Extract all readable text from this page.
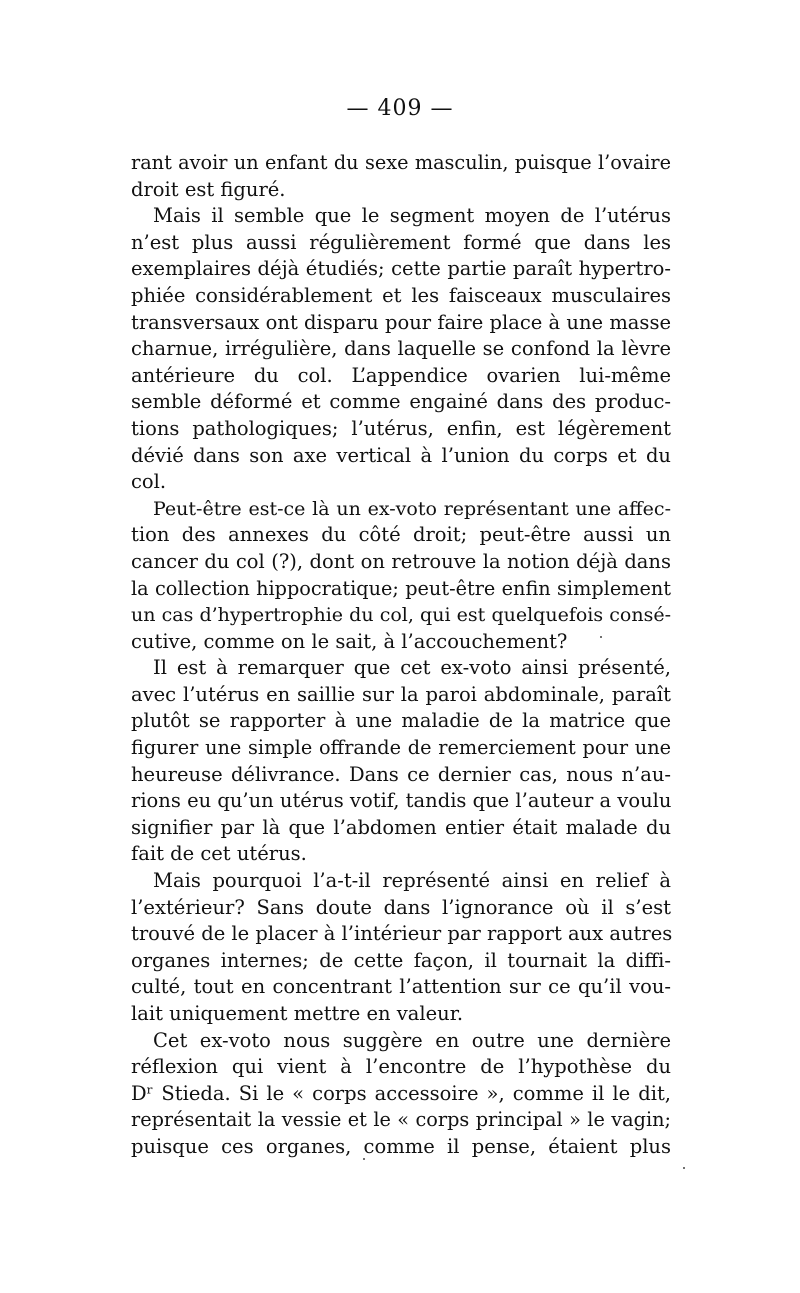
— 409 —
rant avoir un enfant du sexe masculin, puisque l’ovaire
droit est figuré.
Mais il semble que le segment moyen de l’utérus
n’est plus aussi régulièrement formé que dans les
exemplaires déjà étudiés; cette partie paraît hypertro-
phiée considérablement et les faisceaux musculaires
transversaux ont disparu pour faire place à une masse
charnue, irrégulière, dans laquelle se confond la lèvre
antérieure du col. L’appendice ovarien lui-même
semble déformé et comme engainé dans des produc-
tions pathologiques; l’utérus, enfin, est légèrement
dévié dans son axe vertical à l’union du corps et du
col.
Peut-être est-ce là un ex-voto représentant une affec-
tion des annexes du côté droit; peut-être aussi un
cancer du col (?), dont on retrouve la notion déjà dans
la collection hippocratique; peut-être enfin simplement
un cas d’hypertrophie du col, qui est quelquefois consé-
cutive, comme on le sait, à l’accouchement?
Il est à remarquer que cet ex-voto ainsi présenté,
avec l’utérus en saillie sur la paroi abdominale, paraît
plutôt se rapporter à une maladie de la matrice que
figurer une simple offrande de remerciement pour une
heureuse délivrance. Dans ce dernier cas, nous n’au-
rions eu qu’un utérus votif, tandis que l’auteur a voulu
signifier par là que l’abdomen entier était malade du
fait de cet utérus.
Mais pourquoi l’a-t-il représenté ainsi en relief à
l’extérieur? Sans doute dans l’ignorance où il s’est
trouvé de le placer à l’intérieur par rapport aux autres
organes internes; de cette façon, il tournait la diffi-
culté, tout en concentrant l’attention sur ce qu’il vou-
lait uniquement mettre en valeur.
Cet ex-voto nous suggère en outre une dernière
réflexion qui vient à l’encontre de l’hypothèse du
Dʳ Stieda. Si le « corps accessoire », comme il le dit,
représentait la vessie et le « corps principal » le vagin;
puisque ces organes, comme il pense, étaient plus
